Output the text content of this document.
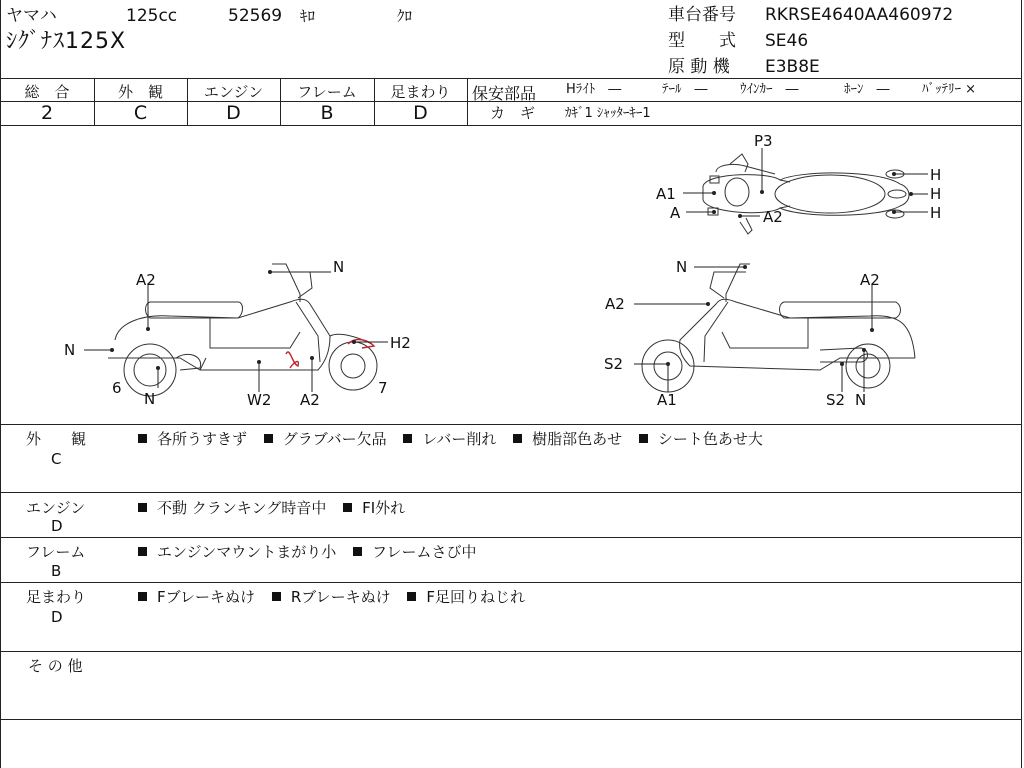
ヤマハ	125cc	52569 ｷﾛ	ｸﾛ
ｼｸﾞﾅｽ125X
車台番号 RKRSE4640AA460972
型　　式 SE46
原 動 機 E3B8E
総　合	外　観	エンジン	フレーム	足まわり
2	C	D	B	D
保安部品 Hﾗｲﾄ　―	ﾃｰﾙ　― ｳｲﾝｶｰ　―	ﾎｰﾝ　― ﾊﾞｯﾃﾘｰ ×
カ　ギ ｶｷﾞ1 ｼｬｯﾀｰｷｰ1
P3
A1
A	A2
H
H
H
A2
N
N	H2
6
N	W2 A2
7
N
A2
A2
S2
A1	S2 N
外　　観
C
各所うすきず グラブバー欠品 レバー削れ 樹脂部色あせ シート色あせ大
エンジン
D
不動 クランキング時音中 FI外れ
フレーム
B
エンジンマウントまがり小 フレームさび中
足まわり
D
Fブレーキぬけ Rブレーキぬけ F足回りねじれ
そ の 他
